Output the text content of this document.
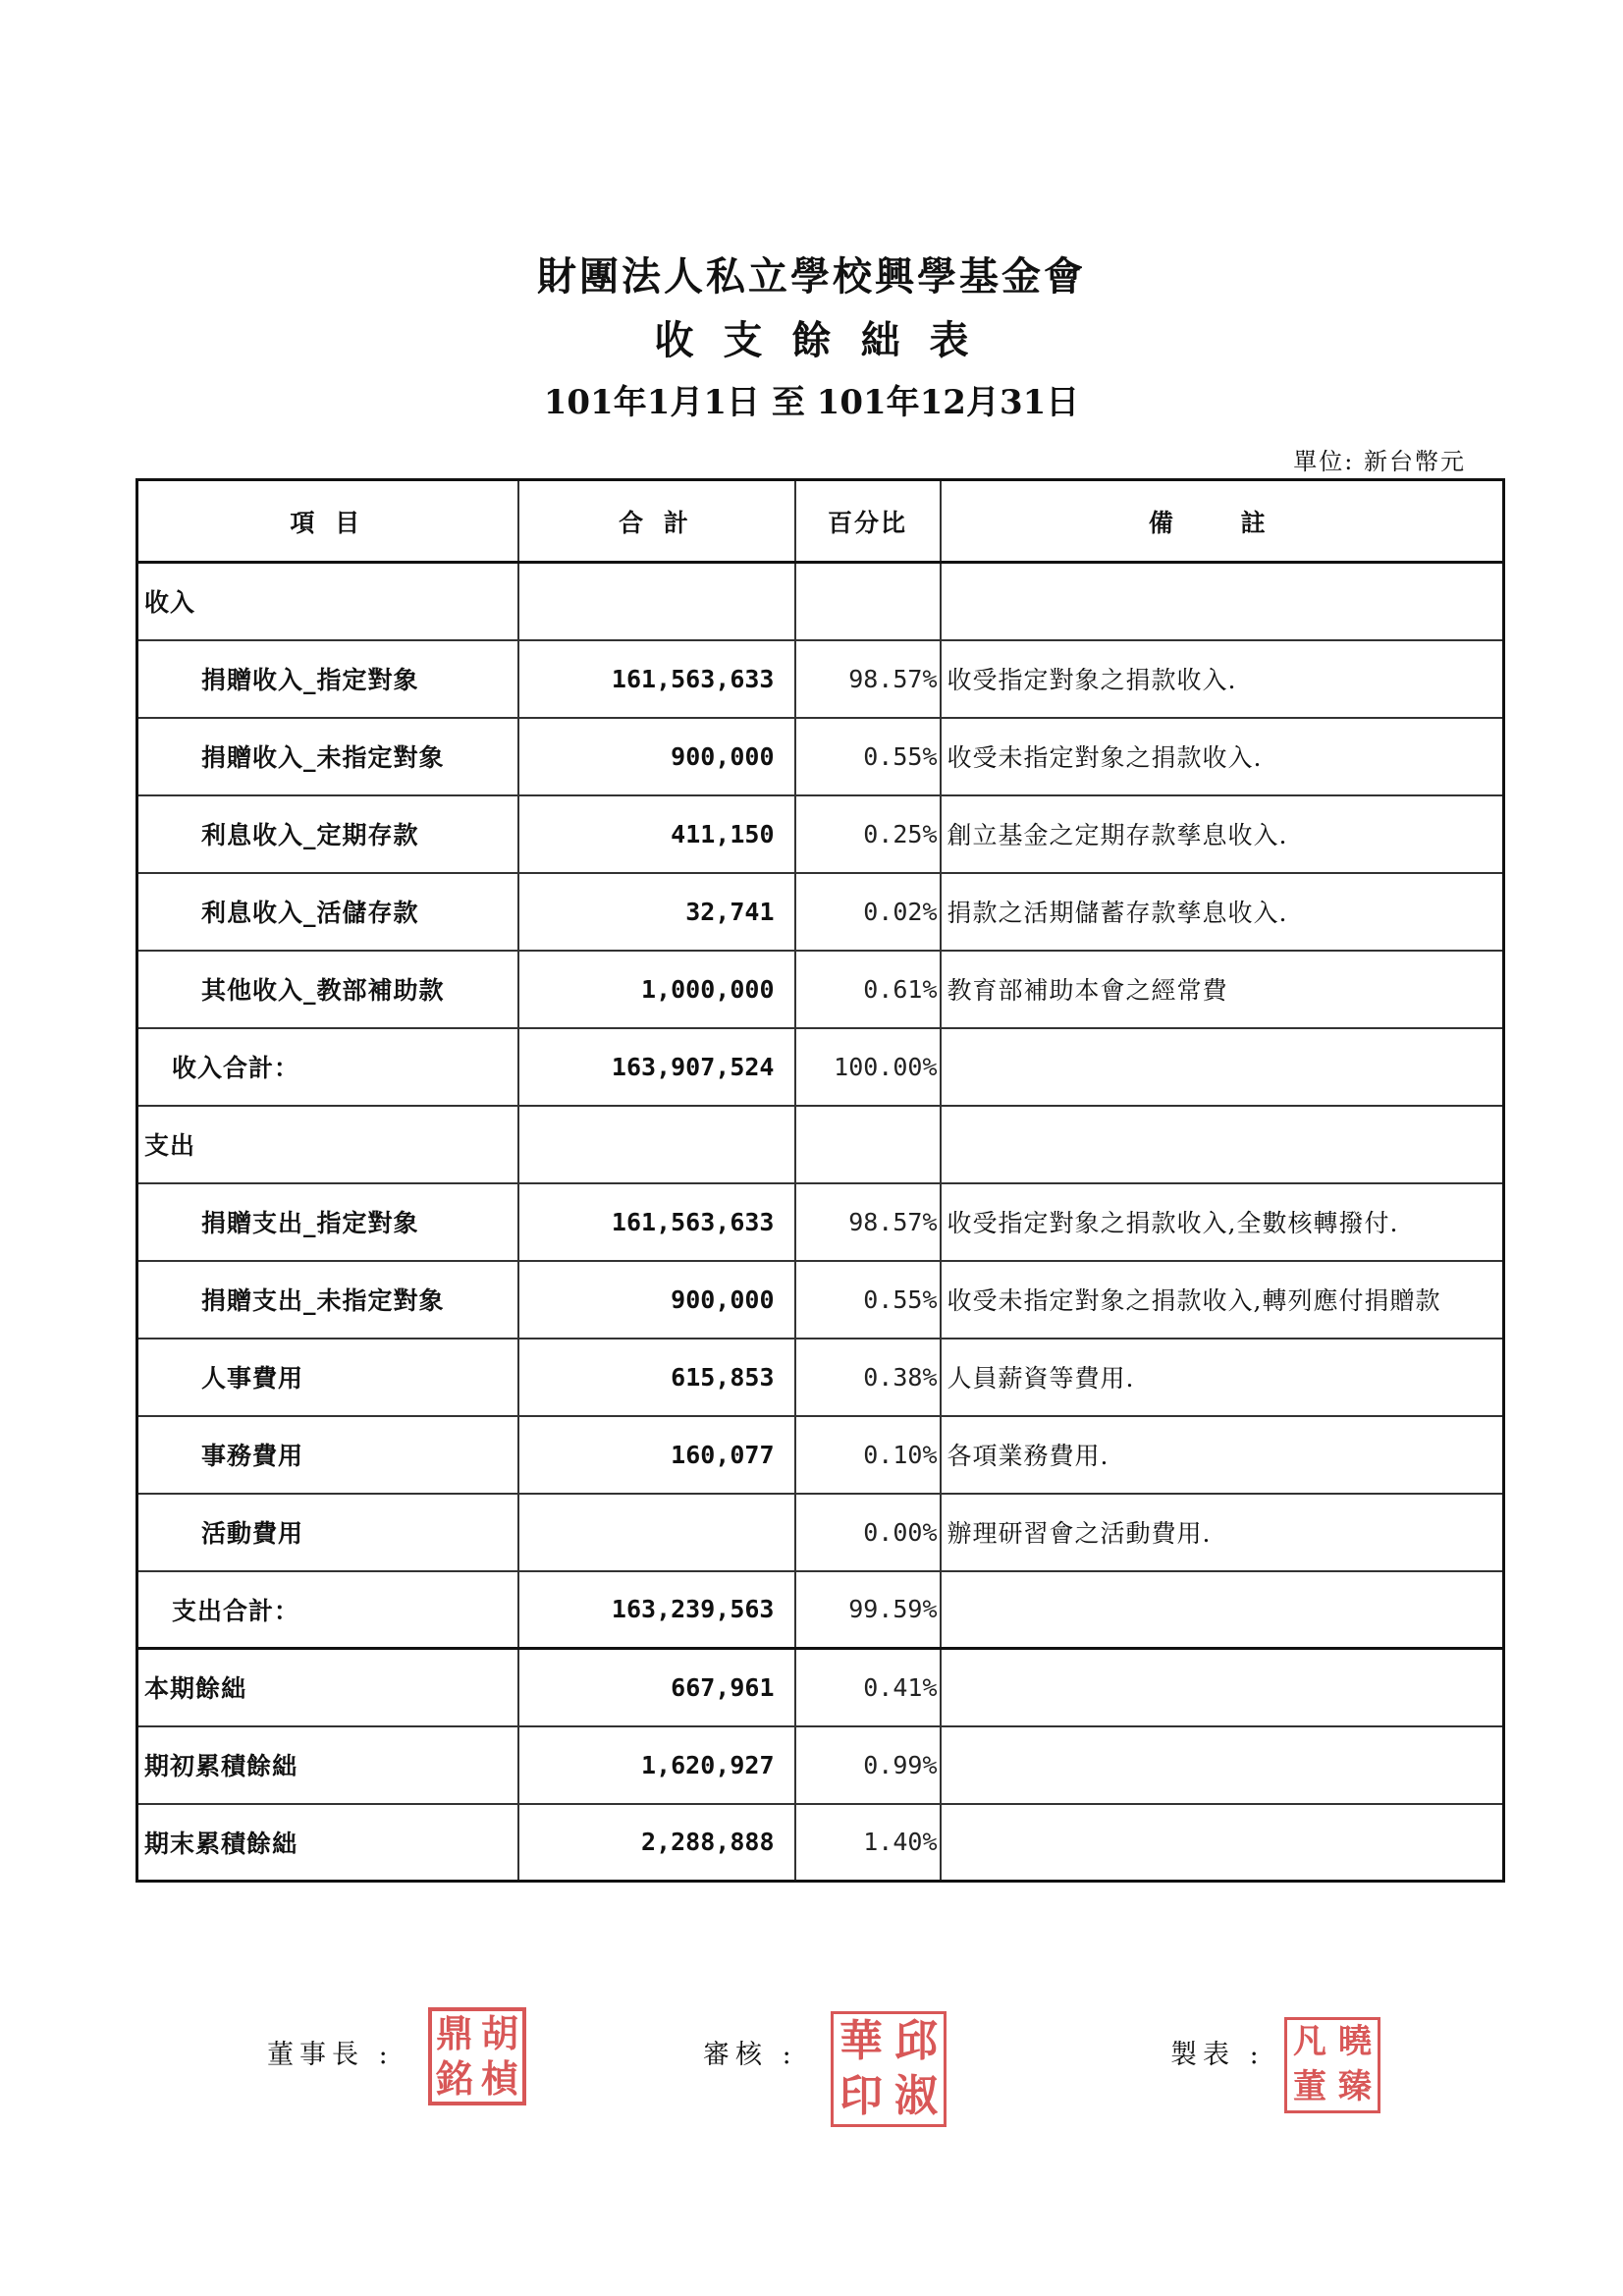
財團法人私立學校興學基金會
收支餘絀表
101年1月1日 至 101年12月31日
單位: 新台幣元
項 目	合 計	百分比	備 註
收入			
捐贈收入_指定對象	161,563,633	98.57%	收受指定對象之捐款收入.
捐贈收入_未指定對象	900,000	0.55%	收受未指定對象之捐款收入.
利息收入_定期存款	411,150	0.25%	創立基金之定期存款孳息收入.
利息收入_活儲存款	32,741	0.02%	捐款之活期儲蓄存款孳息收入.
其他收入_教部補助款	1,000,000	0.61%	教育部補助本會之經常費
收入合計：	163,907,524	100.00%	
支出			
捐贈支出_指定對象	161,563,633	98.57%	收受指定對象之捐款收入,全數核轉撥付.
捐贈支出_未指定對象	900,000	0.55%	收受未指定對象之捐款收入,轉列應付捐贈款
人事費用	615,853	0.38%	人員薪資等費用.
事務費用	160,077	0.10%	各項業務費用.
活動費用		0.00%	辦理研習會之活動費用.
支出合計：	163,239,563	99.59%	
本期餘絀	667,961	0.41%	
期初累積餘絀	1,620,927	0.99%	
期末累積餘絀	2,288,888	1.40%	
董事長 : 鼎 胡
銘 楨
審核 : 華 邱
印 淑
製表 : 凡 曉
董 臻
